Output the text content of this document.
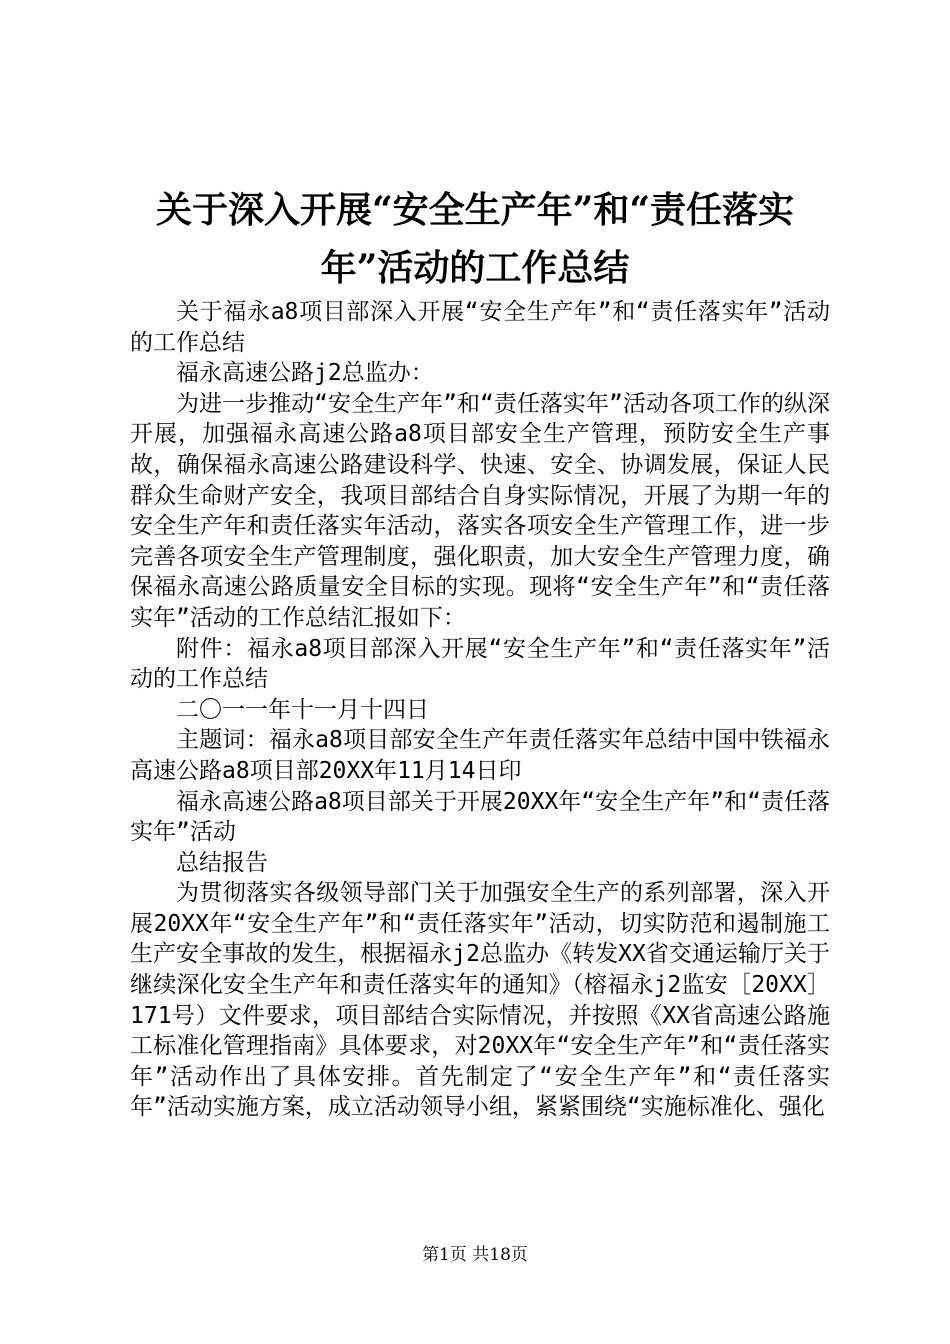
关于深入开展“安全生产年”和“责任落实
年”活动的工作总结

关于福永a8项目部深入开展“安全生产年”和“责任落实年”活动的工作总结

福永高速公路j2总监办：

为进一步推动“安全生产年”和“责任落实年”活动各项工作的纵深开展，加强福永高速公路a8项目部安全生产管理，预防安全生产事故，确保福永高速公路建设科学、快速、安全、协调发展，保证人民群众生命财产安全，我项目部结合自身实际情况，开展了为期一年的安全生产年和责任落实年活动，落实各项安全生产管理工作，进一步完善各项安全生产管理制度，强化职责，加大安全生产管理力度，确保福永高速公路质量安全目标的实现。现将“安全生产年”和“责任落实年”活动的工作总结汇报如下：

附件：福永a8项目部深入开展“安全生产年”和“责任落实年”活动的工作总结

二〇一一年十一月十四日

主题词：福永a8项目部安全生产年责任落实年总结中国中铁福永高速公路a8项目部20XX年11月14日印

福永高速公路a8项目部关于开展20XX年“安全生产年”和“责任落实年”活动

总结报告

为贯彻落实各级领导部门关于加强安全生产的系列部署，深入开展20XX年“安全生产年”和“责任落实年”活动，切实防范和遏制施工生产安全事故的发生，根据福永j2总监办《转发XX省交通运输厅关于继续深化安全生产年和责任落实年的通知》（榕福永j2监安［20XX］171号）文件要求，项目部结合实际情况，并按照《XX省高速公路施工标准化管理指南》具体要求，对20XX年“安全生产年”和“责任落实年”活动作出了具体安排。首先制定了“安全生产年”和“责任落实年”活动实施方案，成立活动领导小组，紧紧围绕“实施标准化、强化

第1页 共18页
